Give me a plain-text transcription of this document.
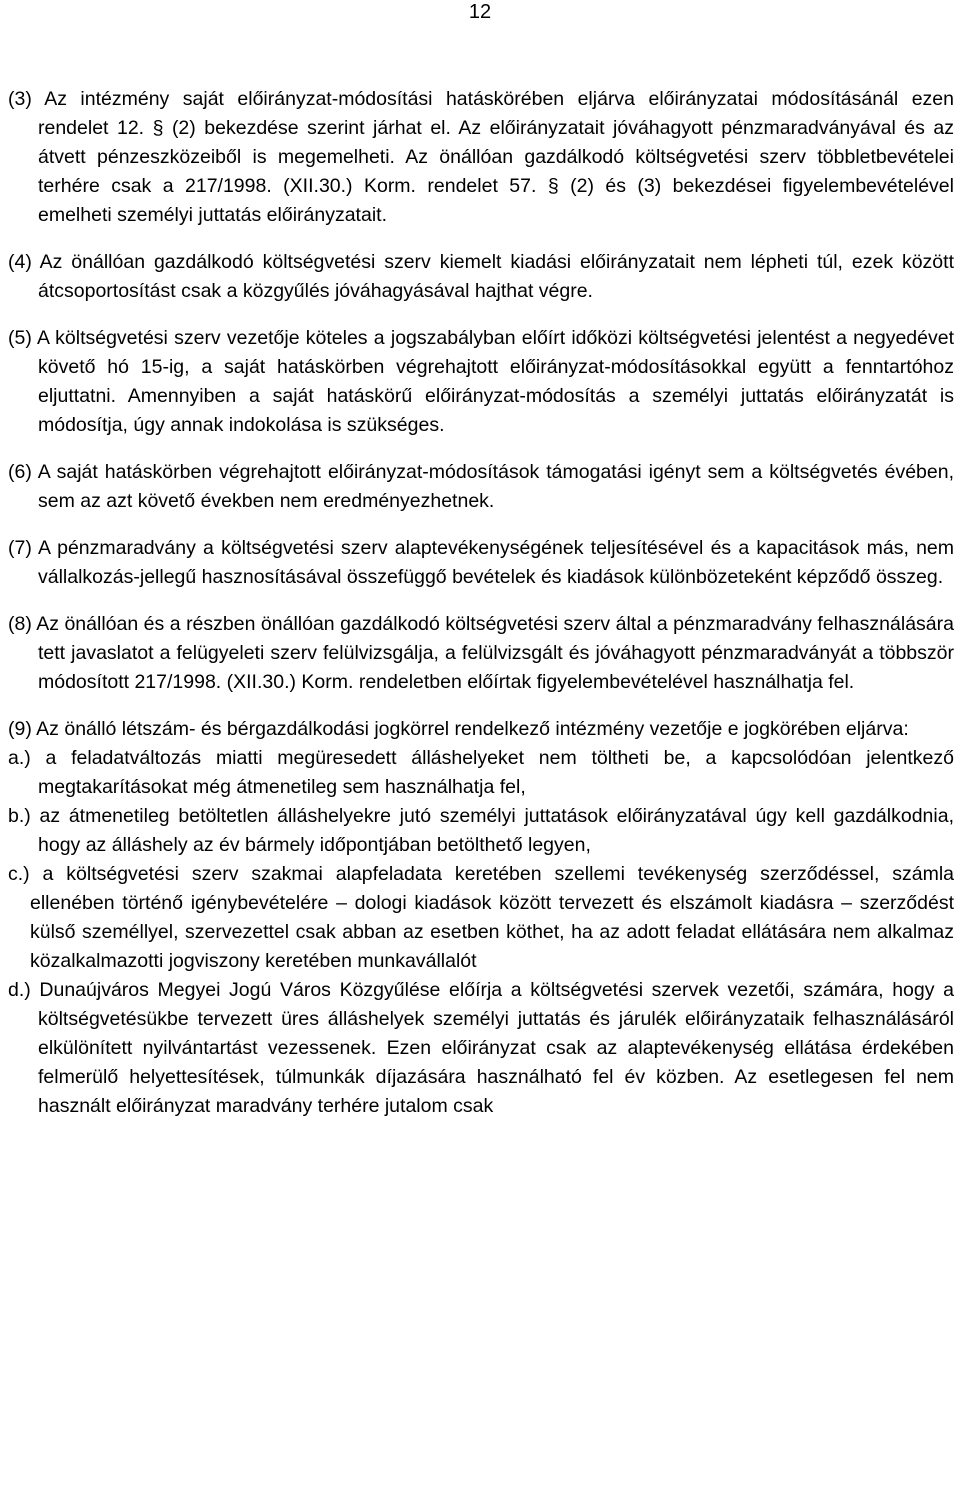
12

(3) Az intézmény saját előirányzat-módosítási hatáskörében eljárva előirányzatai módosításánál ezen rendelet 12. § (2) bekezdése szerint járhat el. Az előirányzatait jóváhagyott pénzmaradványával és az átvett pénzeszközeiből is megemelheti. Az önállóan gazdálkodó költségvetési szerv többletbevételei terhére csak a 217/1998. (XII.30.) Korm. rendelet 57. § (2) és (3) bekezdései figyelembevételével emelheti személyi juttatás előirányzatait.

(4) Az önállóan gazdálkodó költségvetési szerv kiemelt kiadási előirányzatait nem lépheti túl, ezek között átcsoportosítást csak a közgyűlés jóváhagyásával hajthat végre.

(5) A költségvetési szerv vezetője köteles a jogszabályban előírt időközi költségvetési jelentést a negyedévet követő hó 15-ig, a saját hatáskörben végrehajtott előirányzat-módosításokkal együtt a fenntartóhoz eljuttatni. Amennyiben a saját hatáskörű előirányzat-módosítás a személyi juttatás előirányzatát is módosítja, úgy annak indokolása is szükséges.

(6) A saját hatáskörben végrehajtott előirányzat-módosítások támogatási igényt sem a költségvetés évében, sem az azt követő években nem eredményezhetnek.

(7) A pénzmaradvány a költségvetési szerv alaptevékenységének teljesítésével és a kapacitások más, nem vállalkozás-jellegű hasznosításával összefüggő bevételek és kiadások különbözeteként képződő összeg.

(8) Az önállóan és a részben önállóan gazdálkodó költségvetési szerv által a pénzmaradvány felhasználására tett javaslatot a felügyeleti szerv felülvizsgálja, a felülvizsgált és jóváhagyott pénzmaradványát a többször módosított 217/1998. (XII.30.) Korm. rendeletben előírtak figyelembevételével használhatja fel.

(9) Az önálló létszám- és bérgazdálkodási jogkörrel rendelkező intézmény vezetője e jogkörében eljárva:

a.) a feladatváltozás miatti megüresedett álláshelyeket nem töltheti be, a kapcsolódóan jelentkező megtakarításokat még átmenetileg sem használhatja fel,

b.) az átmenetileg betöltetlen álláshelyekre jutó személyi juttatások előirányzatával úgy kell gazdálkodnia, hogy az álláshely az év bármely időpontjában betölthető legyen,

c.) a költségvetési szerv szakmai alapfeladata keretében szellemi tevékenység szerződéssel, számla ellenében történő igénybevételére – dologi kiadások között tervezett és elszámolt kiadásra – szerződést külső személlyel, szervezettel csak abban az esetben köthet, ha az adott feladat ellátására nem alkalmaz közalkalmazotti jogviszony keretében munkavállalót

d.) Dunaújváros Megyei Jogú Város Közgyűlése előírja a költségvetési szervek vezetői, számára, hogy a költségvetésükbe tervezett üres álláshelyek személyi juttatás és járulék előirányzataik felhasználásáról elkülönített nyilvántartást vezessenek. Ezen előirányzat csak az alaptevékenység ellátása érdekében felmerülő helyettesítések, túlmunkák díjazására használható fel év közben. Az esetlegesen fel nem használt előirányzat maradvány terhére jutalom csak
